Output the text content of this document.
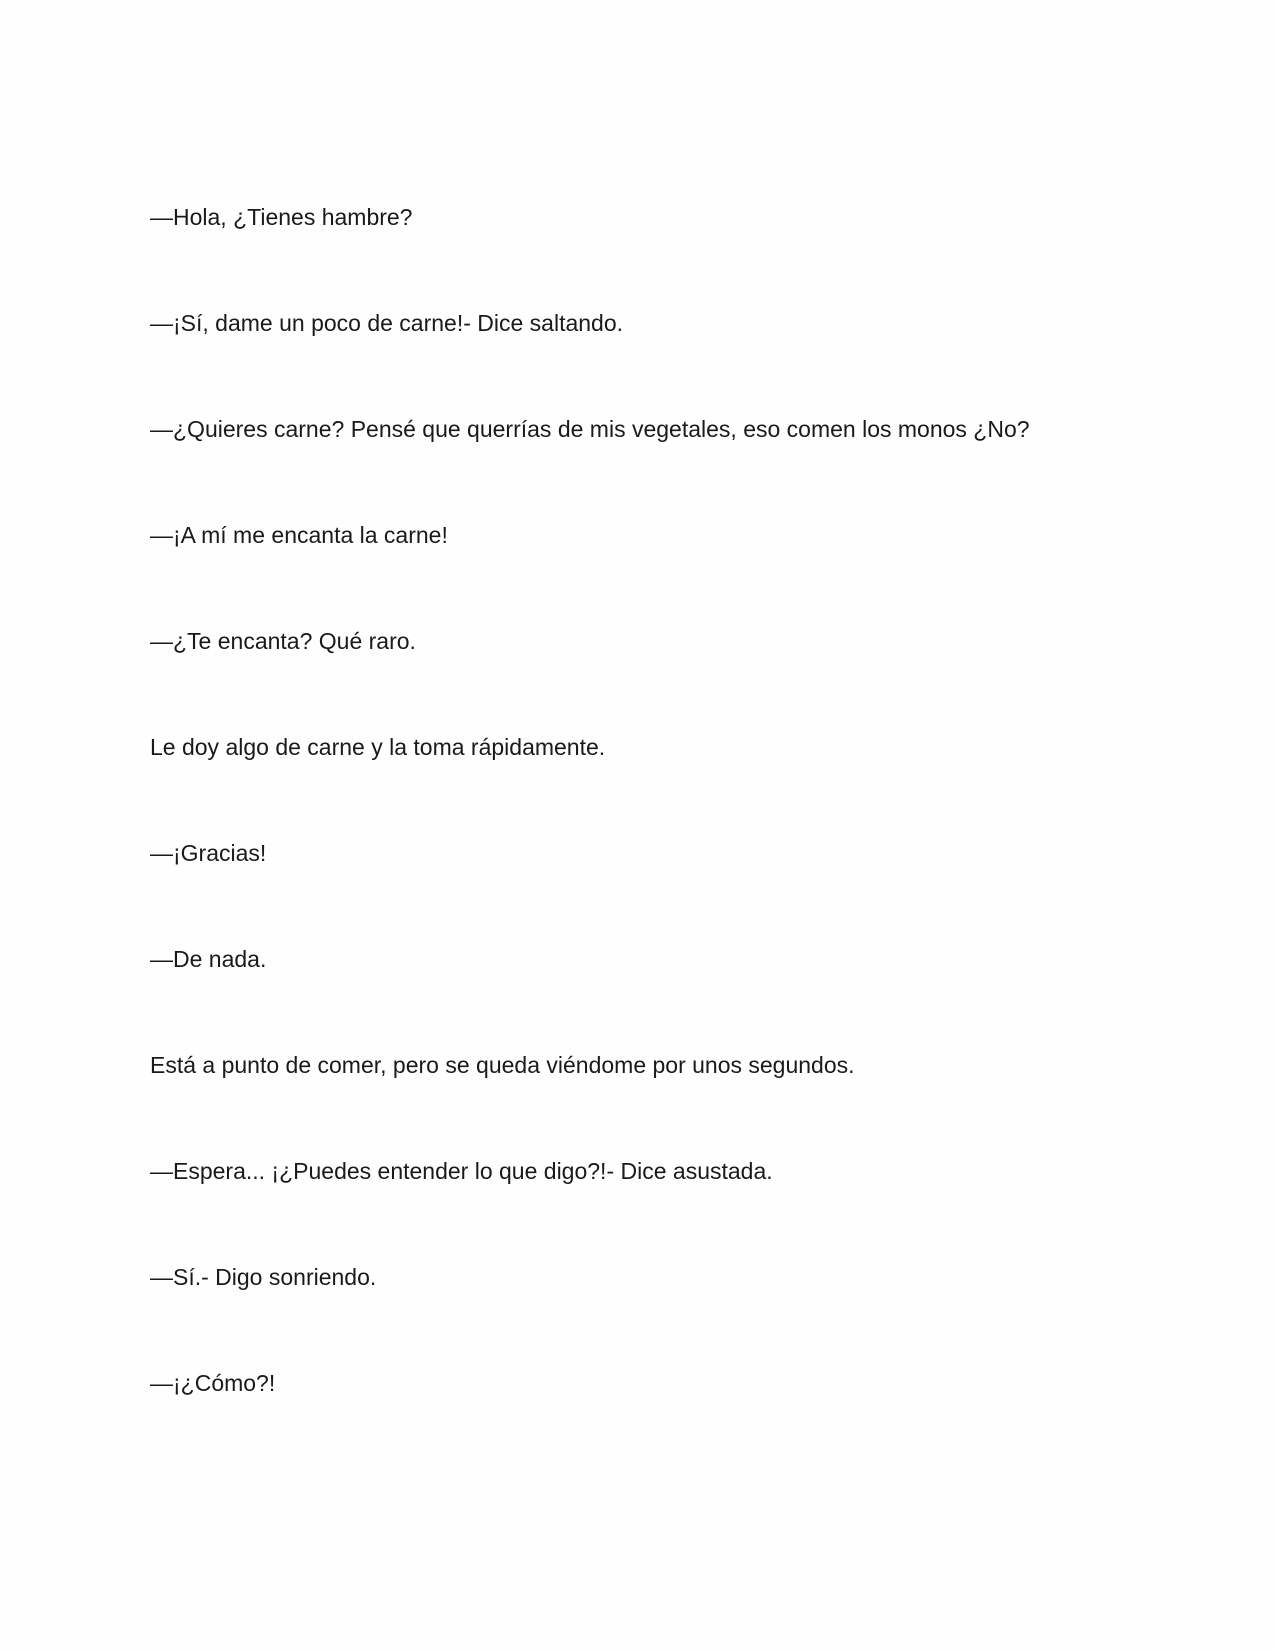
—Hola, ¿Tienes hambre?

—¡Sí, dame un poco de carne!- Dice saltando.

—¿Quieres carne? Pensé que querrías de mis vegetales, eso comen los monos ¿No?

—¡A mí me encanta la carne!

—¿Te encanta? Qué raro.

Le doy algo de carne y la toma rápidamente.

—¡Gracias!

—De nada.

Está a punto de comer, pero se queda viéndome por unos segundos.

—Espera... ¡¿Puedes entender lo que digo?!- Dice asustada.

—Sí.- Digo sonriendo.

—¡¿Cómo?!
